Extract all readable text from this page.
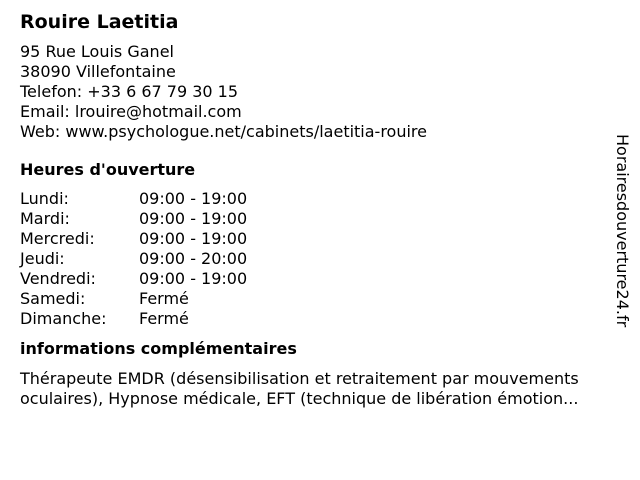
Rouire Laetitia
95 Rue Louis Ganel
38090 Villefontaine
Telefon: +33 6 67 79 30 15
Email: lrouire@hotmail.com
Web: www.psychologue.net/cabinets/laetitia-rouire
Heures d'ouverture
Lundi:	09:00 - 19:00
Mardi:	09:00 - 19:00
Mercredi:	09:00 - 19:00
Jeudi:	09:00 - 20:00
Vendredi:	09:00 - 19:00
Samedi:	Fermé
Dimanche:	Fermé
informations complémentaires
Thérapeute EMDR (désensibilisation et retraitement par mouvements
oculaires), Hypnose médicale, EFT (technique de libération émotion...
Horairesdouverture24.fr
